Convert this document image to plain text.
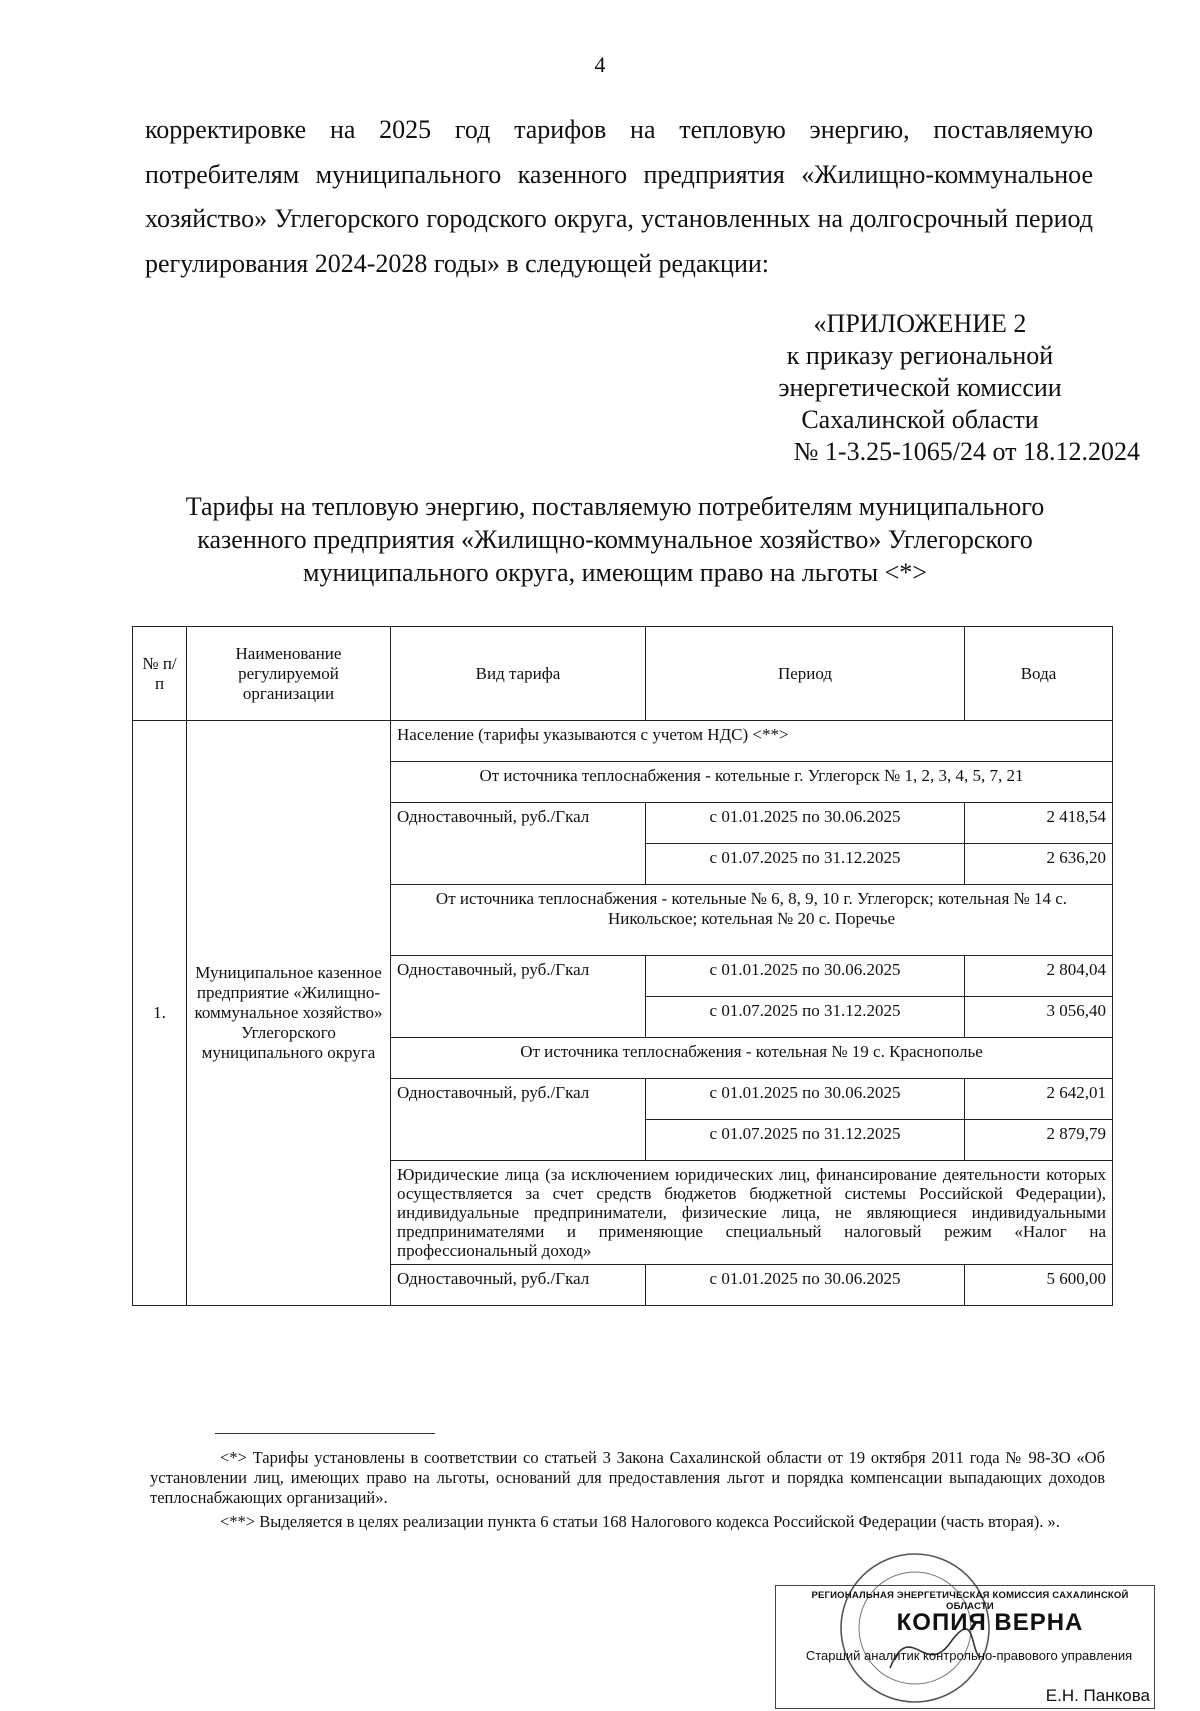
4
корректировке на 2025 год тарифов на тепловую энергию, поставляемую потребителям муниципального казенного предприятия «Жилищно-коммунальное хозяйство» Углегорского городского округа, установленных на долгосрочный период регулирования 2024-2028 годы» в следующей редакции:
«ПРИЛОЖЕНИЕ 2
к приказу региональной
энергетической комиссии
Сахалинской области
№ 1-3.25-1065/24 от 18.12.2024
Тарифы на тепловую энергию, поставляемую потребителям муниципального казенного предприятия «Жилищно-коммунальное хозяйство» Углегорского муниципального округа, имеющим право на льготы <*>
№ п/п	Наименование регулируемой организации	Вид тарифа	Период	Вода
1.	Муниципальное казенное предприятие «Жилищно-коммунальное хозяйство» Углегорского муниципального округа	Население (тарифы указываются с учетом НДС) <**>		
		От источника теплоснабжения - котельные г. Углегорск № 1, 2, 3, 4, 5, 7, 21		
		Одноставочный, руб./Гкал	с 01.01.2025 по 30.06.2025	2 418,54
			с 01.07.2025 по 31.12.2025	2 636,20
		От источника теплоснабжения - котельные № 6, 8, 9, 10 г. Углегорск; котельная № 14 с. Никольское; котельная № 20 с. Поречье		
		Одноставочный, руб./Гкал	с 01.01.2025 по 30.06.2025	2 804,04
			с 01.07.2025 по 31.12.2025	3 056,40
		От источника теплоснабжения - котельная № 19 с. Краснополье		
		Одноставочный, руб./Гкал	с 01.01.2025 по 30.06.2025	2 642,01
			с 01.07.2025 по 31.12.2025	2 879,79
		Юридические лица (за исключением юридических лиц, финансирование деятельности которых осуществляется за счет средств бюджетов бюджетной системы Российской Федерации), индивидуальные предприниматели, физические лица, не являющиеся индивидуальными предпринимателями и применяющие специальный налоговый режим «Налог на профессиональный доход»		
		Одноставочный, руб./Гкал	с 01.01.2025 по 30.06.2025	5 600,00

<*> Тарифы установлены в соответствии со статьей 3 Закона Сахалинской области от 19 октября 2011 года № 98-ЗО «Об установлении лиц, имеющих право на льготы, оснований для предоставления льгот и порядка компенсации выпадающих доходов теплоснабжающих организаций».

<**> Выделяется в целях реализации пункта 6 статьи 168 Налогового кодекса Российской Федерации (часть вторая). ».

РЕГИОНАЛЬНАЯ ЭНЕРГЕТИЧЕСКАЯ КОМИССИЯ САХАЛИНСКОЙ ОБЛАСТИ
КОПИЯ ВЕРНА
Старший аналитик контрольно-правового управления
Е.Н. Панкова
